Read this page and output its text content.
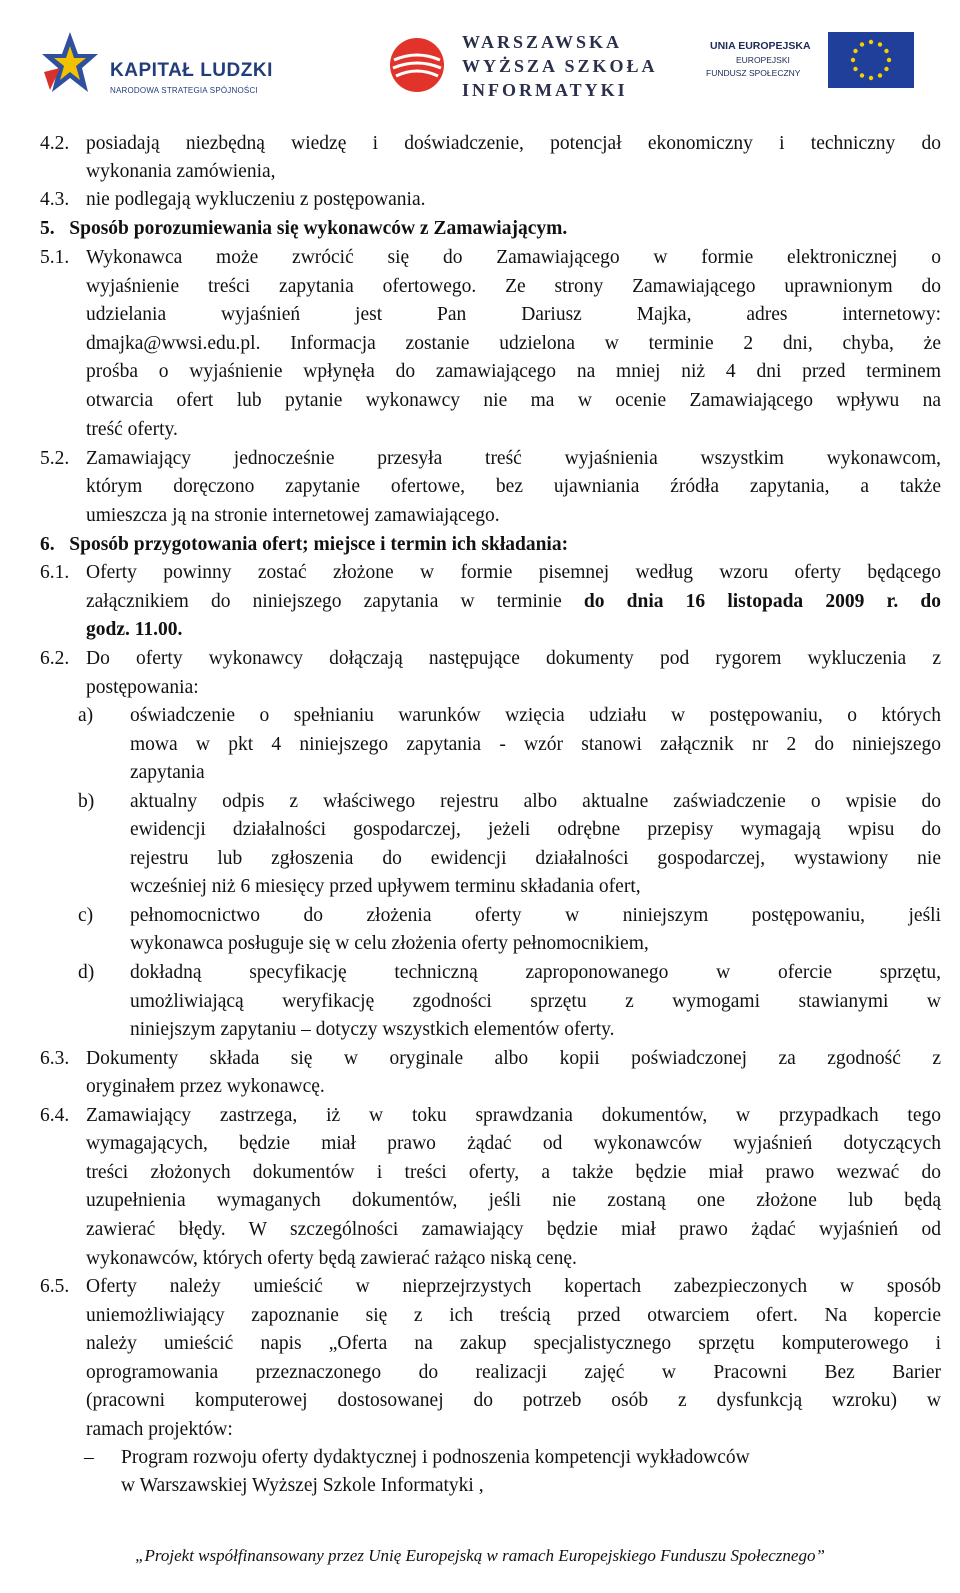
KAPITAŁ LUDZKI
NARODOWA STRATEGIA SPÓJNOŚCI
WARSZAWSKA
WYŻSZA SZKOŁA
INFORMATYKI
UNIA EUROPEJSKA
EUROPEJSKI
FUNDUSZ SPOŁECZNY
4.2. posiadają niezbędną wiedzę i doświadczenie, potencjał ekonomiczny i techniczny do
wykonania zamówienia,
4.3. nie podlegają wykluczeniu z postępowania.
5.   Sposób porozumiewania się wykonawców z Zamawiającym.
5.1. Wykonawca może zwrócić się do Zamawiającego w formie elektronicznej o
wyjaśnienie treści zapytania ofertowego. Ze strony Zamawiającego uprawnionym do
udzielania wyjaśnień jest Pan Dariusz Majka, adres internetowy:
dmajka@wwsi.edu.pl. Informacja zostanie udzielona w terminie 2 dni, chyba, że
prośba o wyjaśnienie wpłynęła do zamawiającego na mniej niż 4 dni przed terminem
otwarcia ofert lub pytanie wykonawcy nie ma w ocenie Zamawiającego wpływu na
treść oferty.
5.2. Zamawiający jednocześnie przesyła treść wyjaśnienia wszystkim wykonawcom,
którym doręczono zapytanie ofertowe, bez ujawniania źródła zapytania, a także
umieszcza ją na stronie internetowej zamawiającego.
6.   Sposób przygotowania ofert; miejsce i termin ich składania:
6.1. Oferty powinny zostać złożone w formie pisemnej według wzoru oferty będącego
załącznikiem do niniejszego zapytania w terminie do dnia 16 listopada 2009 r. do
godz. 11.00.
6.2. Do oferty wykonawcy dołączają następujące dokumenty pod rygorem wykluczenia z
postępowania:
a) oświadczenie o spełnianiu warunków wzięcia udziału w postępowaniu, o których
mowa w pkt 4 niniejszego zapytania - wzór stanowi załącznik nr 2 do niniejszego
zapytania
b) aktualny odpis z właściwego rejestru albo aktualne zaświadczenie o wpisie do
ewidencji działalności gospodarczej, jeżeli odrębne przepisy wymagają wpisu do
rejestru lub zgłoszenia do ewidencji działalności gospodarczej, wystawiony nie
wcześniej niż 6 miesięcy przed upływem terminu składania ofert,
c) pełnomocnictwo do złożenia oferty w niniejszym postępowaniu, jeśli
wykonawca posługuje się w celu złożenia oferty pełnomocnikiem,
d) dokładną specyfikację techniczną zaproponowanego w ofercie sprzętu,
umożliwiającą weryfikację zgodności sprzętu z wymogami stawianymi w
niniejszym zapytaniu – dotyczy wszystkich elementów oferty.
6.3. Dokumenty składa się w oryginale albo kopii poświadczonej za zgodność z
oryginałem przez wykonawcę.
6.4. Zamawiający zastrzega, iż w toku sprawdzania dokumentów, w przypadkach tego
wymagających, będzie miał prawo żądać od wykonawców wyjaśnień dotyczących
treści złożonych dokumentów i treści oferty, a także będzie miał prawo wezwać do
uzupełnienia wymaganych dokumentów, jeśli nie zostaną one złożone lub będą
zawierać błędy. W szczególności zamawiający będzie miał prawo żądać wyjaśnień od
wykonawców, których oferty będą zawierać rażąco niską cenę.
6.5. Oferty należy umieścić w nieprzejrzystych kopertach zabezpieczonych w sposób
uniemożliwiający zapoznanie się z ich treścią przed otwarciem ofert. Na kopercie
należy umieścić napis „Oferta na zakup specjalistycznego sprzętu komputerowego i
oprogramowania przeznaczonego do realizacji zajęć w Pracowni Bez Barier
(pracowni komputerowej dostosowanej do potrzeb osób z dysfunkcją wzroku) w
ramach projektów:
– Program rozwoju oferty dydaktycznej i podnoszenia kompetencji wykładowców
w Warszawskiej Wyższej Szkole Informatyki ,
„Projekt współfinansowany przez Unię Europejską w ramach Europejskiego Funduszu Społecznego”
